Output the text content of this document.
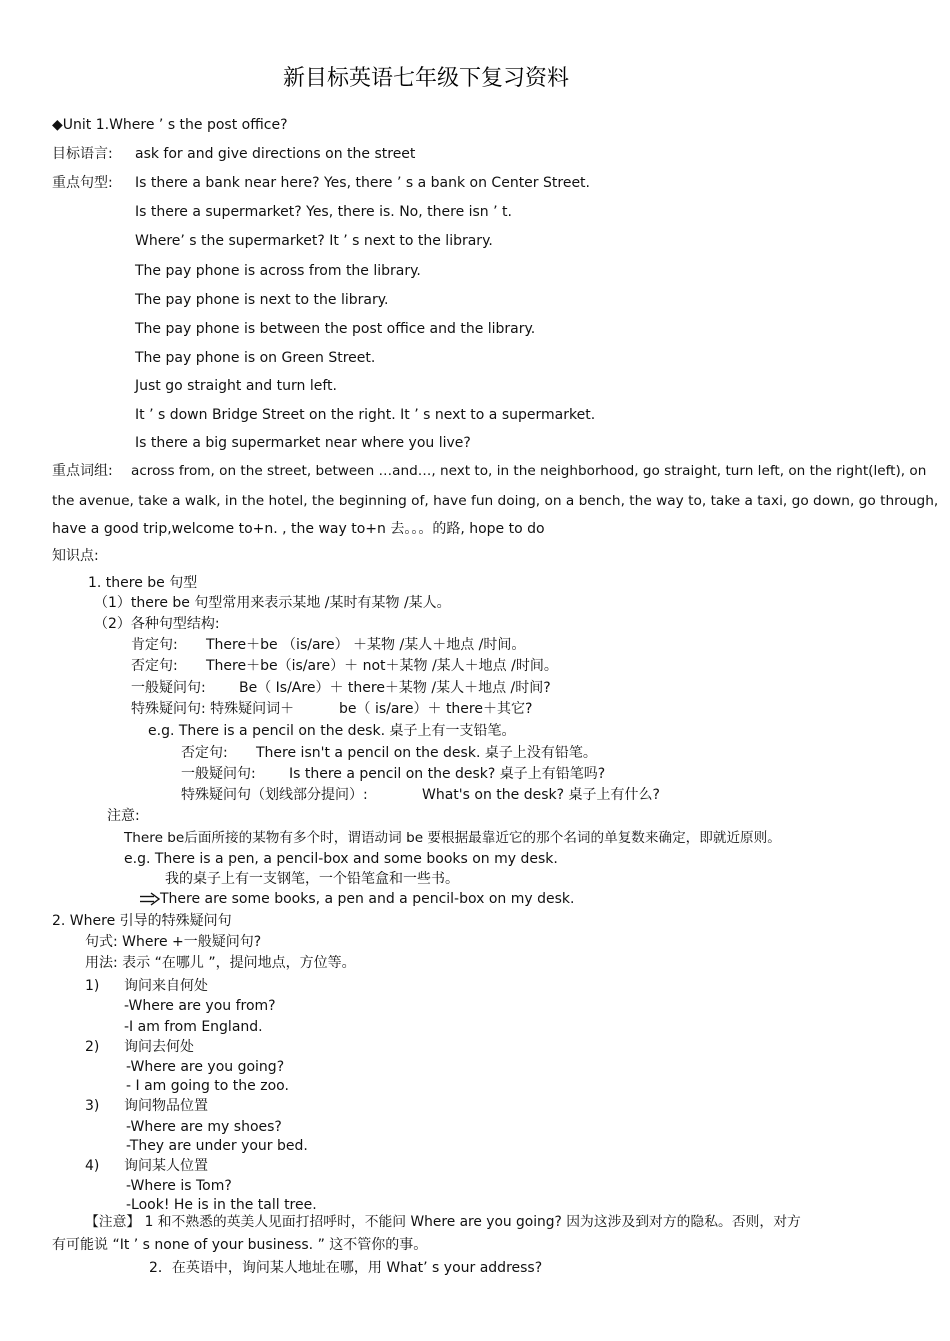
新目标英语七年级下复习资料
◆Unit 1.Where ’ s the post office?
目标语言: ask for and give directions on the street
重点句型: Is there a bank near here? Yes, there ’ s a bank on Center Street.
Is there a supermarket? Yes, there is. No, there isn ’ t.
Where’ s the supermarket? It ’ s next to the library.
The pay phone is across from the library.
The pay phone is next to the library.
The pay phone is between the post office and the library.
The pay phone is on Green Street.
Just go straight and turn left.
It ’ s down Bridge Street on the right. It ’ s next to a supermarket.
Is there a big supermarket near where you live?
重点词组: across from, on the street, between …and…, next to, in the neighborhood, go straight, turn left, on the right(left), on
the avenue, take a walk, in the hotel, the beginning of, have fun doing, on a bench, the way to, take a taxi, go down, go through,
have a good trip,welcome to+n. , the way to+n 去。。。的路, hope to do
知识点:
1. there be 句型
（1）there be 句型常用来表示某地 /某时有某物 /某人。
（2）各种句型结构:
肯定句: There＋be （is/are） ＋某物 /某人＋地点 /时间。
否定句: There＋be（is/are）＋ not＋某物 /某人＋地点 /时间。
一般疑问句: Be（ Is/Are）＋ there＋某物 /某人＋地点 /时间?
特殊疑问句: 特殊疑问词＋	be（ is/are）＋ there＋其它?
e.g. There is a pencil on the desk. 桌子上有一支铅笔。
否定句: There isn't a pencil on the desk. 桌子上没有铅笔。
一般疑问句: Is there a pencil on the desk? 桌子上有铅笔吗?
特殊疑问句（划线部分提问）:	What's on the desk? 桌子上有什么?
注意:
There be后面所接的某物有多个时，谓语动词 be 要根据最靠近它的那个名词的单复数来确定，即就近原则。
e.g. There is a pen, a pencil-box and some books on my desk.
我的桌子上有一支钢笔，一个铅笔盒和一些书。
There are some books, a pen and a pencil-box on my desk.
2. Where 引导的特殊疑问句
句式: Where +一般疑问句?
用法: 表示 “在哪儿 ”，提问地点，方位等。
1) 询问来自何处
-Where are you from?
-I am from England.
2) 询问去何处
-Where are you going?
- I am going to the zoo.
3) 询问物品位置
-Where are my shoes?
-They are under your bed.
4) 询问某人位置
-Where is Tom?
-Look! He is in the tall tree.
【注意】 1 和不熟悉的英美人见面打招呼时，不能问 Where are you going? 因为这涉及到对方的隐私。否则，对方
有可能说 “It ’ s none of your business. ” 这不管你的事。
2．在英语中，询问某人地址在哪，用 What’ s your address?
